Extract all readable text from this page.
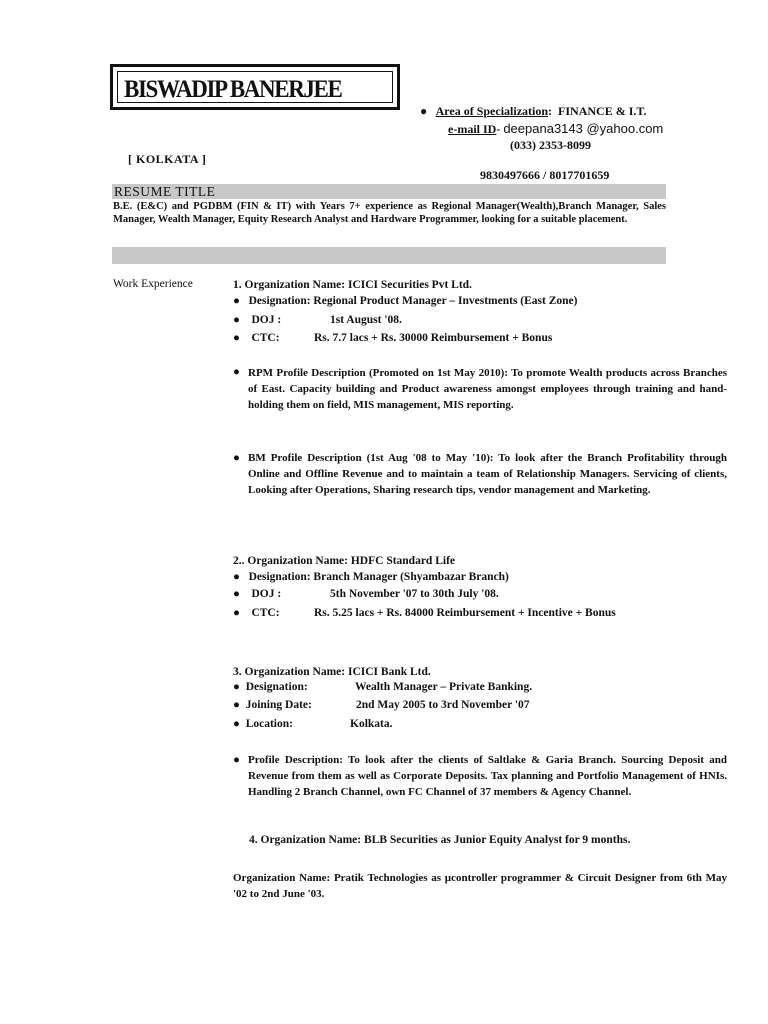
BISWADIP BANERJEE
● Area of Specialization:  FINANCE & I.T.
e-mail ID- deepana3143 @yahoo.com
(033) 2353-8099
9830497666 / 8017701659
[ KOLKATA ]
RESUME TITLE
B.E. (E&C) and PGDBM (FIN & IT) with Years 7+ experience as Regional Manager(Wealth),Branch Manager, Sales Manager, Wealth Manager, Equity Research Analyst and Hardware Programmer, looking for a suitable placement.
Work Experience	1. Organization Name: ICICI Securities Pvt Ltd.
● Designation: Regional Product Manager – Investments (East Zone)
● DOJ :	1st August '08.
● CTC:	Rs. 7.7 lacs + Rs. 30000 Reimbursement + Bonus
● RPM Profile Description (Promoted on 1st May 2010): To promote Wealth products across Branches of East. Capacity building and Product awareness amongst employees through training and hand-holding them on field, MIS management, MIS reporting.
● BM Profile Description (1st Aug '08 to May '10): To look after the Branch Profitability through Online and Offline Revenue and to maintain a team of Relationship Managers. Servicing of clients, Looking after Operations, Sharing research tips, vendor management and Marketing.
2.. Organization Name: HDFC Standard Life
● Designation: Branch Manager (Shyambazar Branch)
● DOJ :	5th November '07 to 30th July '08.
● CTC:	Rs. 5.25 lacs + Rs. 84000 Reimbursement + Incentive + Bonus
3. Organization Name: ICICI Bank Ltd.
● Designation:	Wealth Manager – Private Banking.
● Joining Date:	2nd May 2005 to 3rd November '07
● Location:	Kolkata.
● Profile Description: To look after the clients of Saltlake & Garia Branch. Sourcing Deposit and Revenue from them as well as Corporate Deposits. Tax planning and Portfolio Management of HNIs. Handling 2 Branch Channel, own FC Channel of 37 members & Agency Channel.
4. Organization Name: BLB Securities as Junior Equity Analyst for 9 months.
Organization Name: Pratik Technologies as µcontroller programmer & Circuit Designer from 6th May '02 to 2nd June '03.
